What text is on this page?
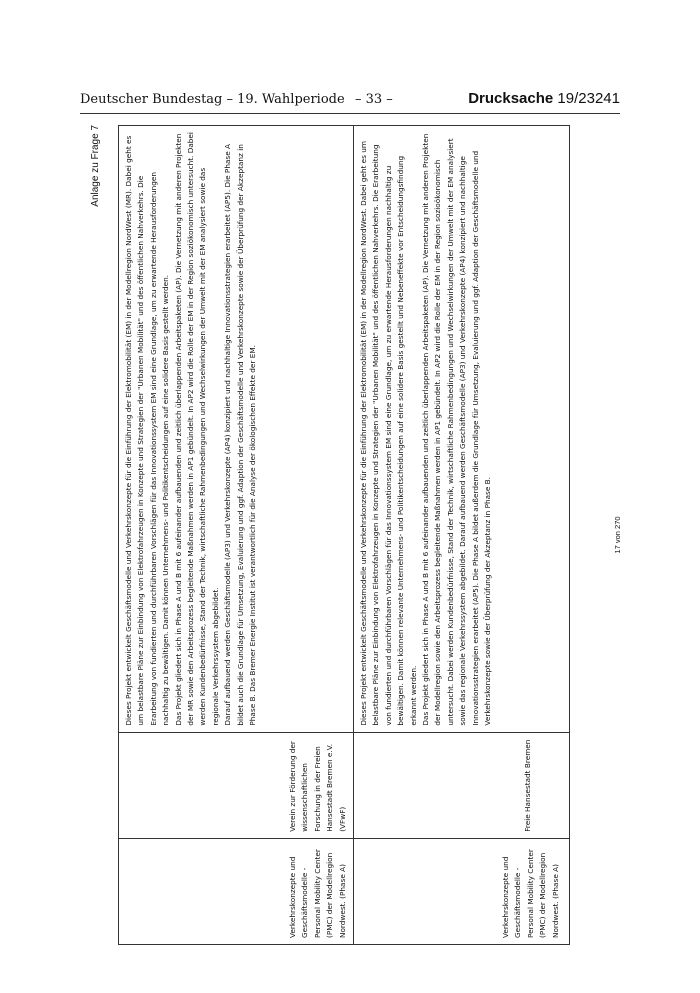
Deutscher Bundestag – 19. Wahlperiode – 33 –	Drucksache 19/23241
Anlage zu Frage 7
Verkehrskonzepte und Geschäftsmodelle - Personal Mobility Center (PMC) der Modellregion Nordwest. (Phase A)	Verein zur Förderung der wissenschaftlichen Forschung in der Freien Hansestadt Bremen e.V. (VFwF)	Dieses Projekt entwickelt Geschäftsmodelle und Verkehrskonzepte für die Einführung der Elektromobilität (EM) in der Modellregion NordWest (MR). Dabei geht es um belastbare Pläne zur Einbindung von Elektrofahrzeugen in Konzepte und Strategien der "Urbanen Mobilität" und des öffentlichen Nahverkehrs. Die Erarbeitung von fundierten und durchführbaren Vorschlägen für das Innovationssystem EM sind eine Grundlage, um zu erwartende Herausforderungen nachhaltig zu bewältigen. Damit können Unternehmens- und Politikentscheidungen auf eine solidere Basis gestellt werden. Das Projekt gliedert sich in Phase A und B mit 6 aufeinander aufbauenden und zeitlich überlappenden Arbeitspaketen (AP). Die Vernetzung mit anderen Projekten der MR sowie den Arbeitsprozess begleitende Maßnahmen werden in AP1 gebündelt. In AP2 wird die Rolle der EM in der Region soziökonomisch untersucht. Dabei werden Kundenbedürfnisse, Stand der Technik, wirtschaftliche Rahmenbedingungen und Wechselwirkungen der Umwelt mit der EM analysiert sowie das regionale Verkehrssystem abgebildet. Darauf aufbauend werden Geschäftsmodelle (AP3) und Verkehrskonzepte (AP4) konzipiert und nachhaltige Innovationsstrategien erarbeitet (AP5). Die Phase A bildet auch die Grundlage für Umsetzung, Evaluierung und ggf. Adaption der Geschäftsmodelle und Verkehrskonzepte sowie der Überprüfung der Akzeptanz in Phase B. Das Bremer Energie Institut ist verantwortlich für die Analyse der ökologischen Effekte der EM.

Verkehrskonzepte und Geschäftsmodelle - Personal Mobility Center (PMC) der Modellregion Nordwest. (Phase A)	Freie Hansestadt Bremen	Dieses Projekt entwickelt Geschäftsmodelle und Verkehrskonzepte für die Einführung der Elektromobilität (EM) in der Modellregion NordWest. Dabei geht es um belastbare Pläne zur Einbindung von Elektrofahrzeugen in Konzepte und Strategien der "Urbanen Mobilität" und des öffentlichen Nahverkehrs. Die Erarbeitung von fundierten und durchführbaren Vorschlägen für das Innovationssystem EM sind eine Grundlage, um zu erwartende Herausforderungen nachhaltig zu bewältigen. Damit können relevante Unternehmens- und Politikentscheidungen auf eine solidere Basis gestellt und Nebeneffekte vor Entscheidungsfindung erkannt werden. Das Projekt gliedert sich in Phase A und B mit 6 aufeinander aufbauenden und zeitlich überlappenden Arbeitspaketen (AP). Die Vernetzung mit anderen Projekten der Modellregion sowie den Arbeitsprozess begleitende Maßnahmen werden in AP1 gebündelt. In AP2 wird die Rolle der EM in der Region sozioökonomisch untersucht. Dabei werden Kundenbedürfnisse, Stand der Technik, wirtschaftliche Rahmenbedingungen und Wechselwirkungen der Umwelt mit der EM analysiert sowie das regionale Verkehrssystem abgebildet. Darauf aufbauend werden Geschäftsmodelle (AP3) und Verkehrskonzepte (AP4) konzipiert und nachhaltige Innovationsstrategien erarbeitet (AP5). Die Phase A bildet außerdem die Grundlage für Umsetzung, Evaluierung und ggf. Adaption der Geschäftsmodelle und Verkehrskonzepte sowie der Überprüfung der Akzeptanz in Phase B.	17 von 270
